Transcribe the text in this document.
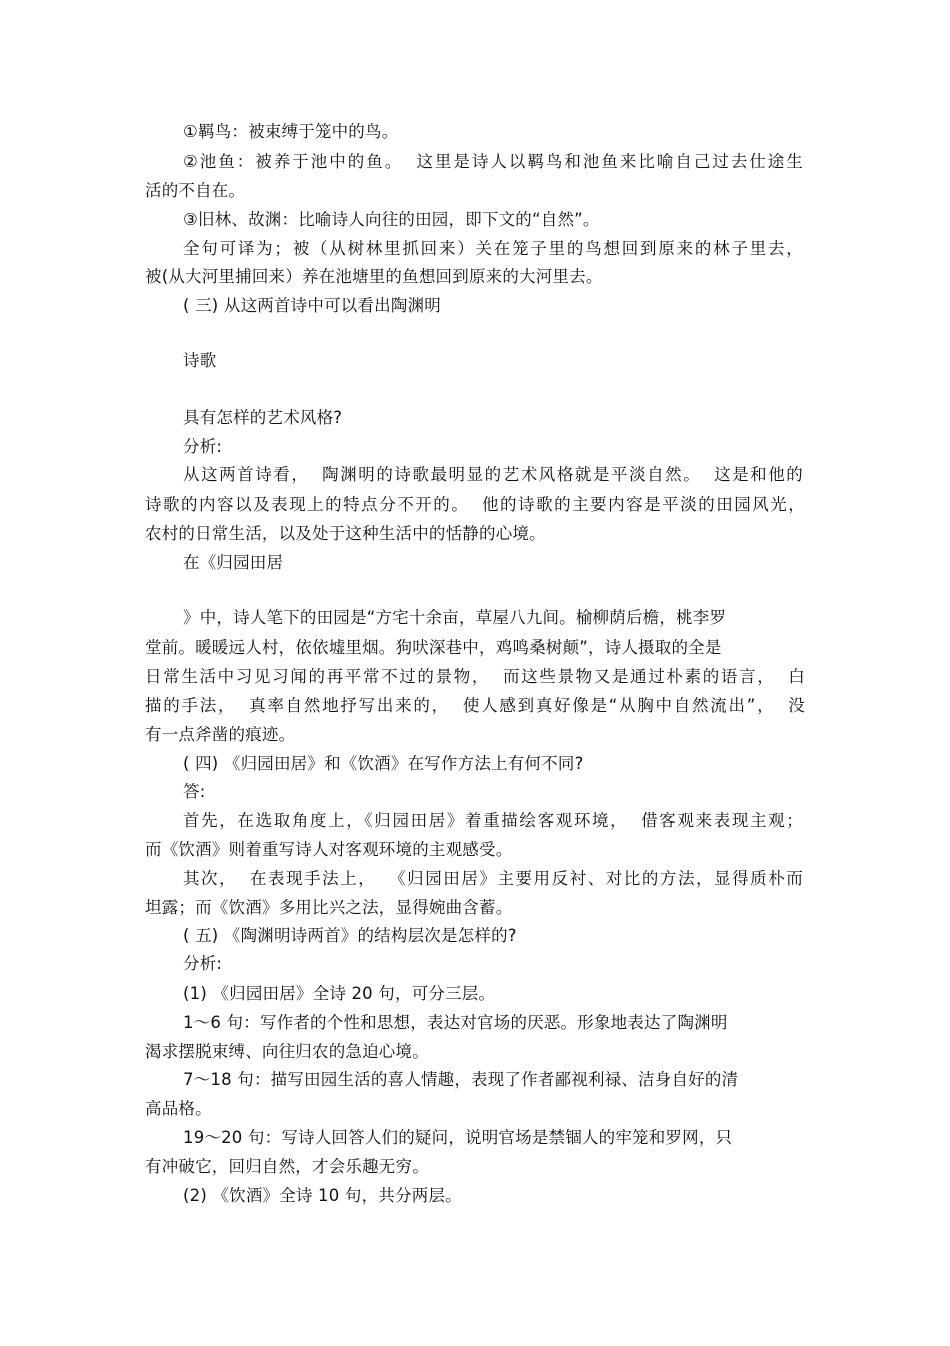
①羁鸟：被束缚于笼中的鸟。
②池鱼：被养于池中的鱼。 这里是诗人以羁鸟和池鱼来比喻自己过去仕途生
活的不自在。
③旧林、故渊：比喻诗人向往的田园，即下文的“自然”。
全句可译为；被（从树林里抓回来）关在笼子里的鸟想回到原来的林子里去，
被(从大河里捕回来）养在池塘里的鱼想回到原来的大河里去。
( 三) 从这两首诗中可以看出陶渊明
诗歌
具有怎样的艺术风格?
分析:
从这两首诗看， 陶渊明的诗歌最明显的艺术风格就是平淡自然。 这是和他的
诗歌的内容以及表现上的特点分不开的。 他的诗歌的主要内容是平淡的田园风光，
农村的日常生活，以及处于这种生活中的恬静的心境。
在《归园田居
》中，诗人笔下的田园是“方宅十余亩，草屋八九间。榆柳荫后檐，桃李罗
堂前。暖暖远人村，依依墟里烟。狗吠深巷中，鸡鸣桑树颠”，诗人摄取的全是
日常生活中习见习闻的再平常不过的景物， 而这些景物又是通过朴素的语言， 白
描的手法， 真率自然地抒写出来的， 使人感到真好像是“从胸中自然流出”， 没
有一点斧凿的痕迹。
( 四) 《归园田居》和《饮酒》在写作方法上有何不同?
答:
首先，在选取角度上，《归园田居》着重描绘客观环境， 借客观来表现主观；
而《饮酒》则着重写诗人对客观环境的主观感受。
其次， 在表现手法上， 《归园田居》主要用反衬、对比的方法，显得质朴而
坦露；而《饮酒》多用比兴之法，显得婉曲含蓄。
( 五) 《陶渊明诗两首》的结构层次是怎样的?
分析:
(1) 《归园田居》全诗 20 句，可分三层。
1～6 句：写作者的个性和思想，表达对官场的厌恶。形象地表达了陶渊明
渴求摆脱束缚、向往归农的急迫心境。
7～18 句：描写田园生活的喜人情趣，表现了作者鄙视利禄、洁身自好的清
高品格。
19～20 句：写诗人回答人们的疑问，说明官场是禁锢人的牢笼和罗网，只
有冲破它，回归自然，才会乐趣无穷。
(2) 《饮酒》全诗 10 句，共分两层。
